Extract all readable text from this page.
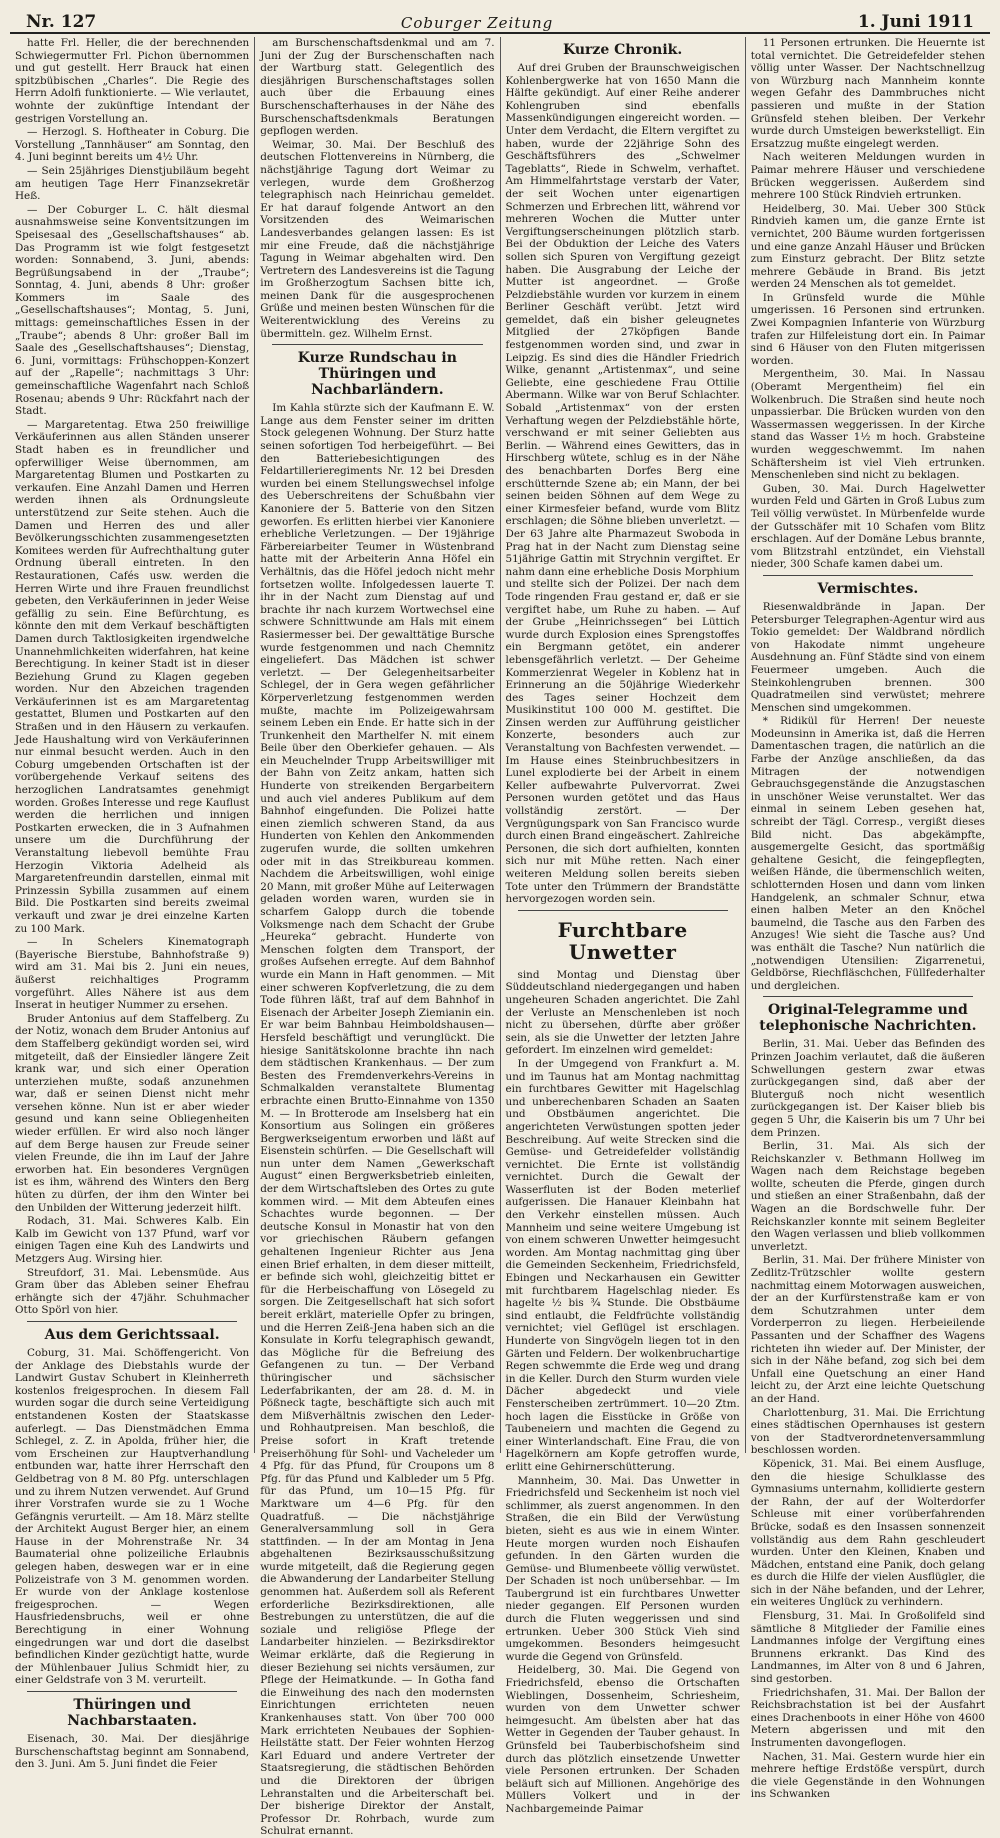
Nr. 127	Coburger Zeitung	1. Juni 1911

hatte Frl. Heller, die der berechnenden Schwiegermutter Frl. Pichon übernommen und gut gestellt. Herr Brauck hat einen spitzbübischen „Charles“. Die Regie des Herrn Adolfi funktionierte. — Wie verlautet, wohnte der zukünftige Intendant der gestrigen Vorstellung an.

— Herzogl. S. Hoftheater in Coburg. Die Vorstellung „Tannhäuser“ am Sonntag, den 4. Juni beginnt bereits um 4½ Uhr.

— Sein 25jähriges Dienstjubiläum begeht am heutigen Tage Herr Finanzsekretär Heß.

— Der Coburger L. C. hält diesmal ausnahmsweise seine Konventsitzungen im Speisesaal des „Gesellschaftshauses“ ab. Das Programm ist wie folgt festgesetzt worden: Sonnabend, 3. Juni, abends: Begrüßungsabend in der „Traube“; Sonntag, 4. Juni, abends 8 Uhr: großer Kommers im Saale des „Gesellschaftshauses“; Montag, 5. Juni, mittags: gemeinschaftliches Essen in der „Traube“; abends 8 Uhr: großer Ball im Saale des „Gesellschaftshauses“; Dienstag, 6. Juni, vormittags: Frühschoppen-Konzert auf der „Rapelle“; nachmittags 3 Uhr: gemeinschaftliche Wagenfahrt nach Schloß Rosenau; abends 9 Uhr: Rückfahrt nach der Stadt.

— Margaretentag. Etwa 250 freiwillige Verkäuferinnen aus allen Ständen unserer Stadt haben es in freundlicher und opferwilliger Weise übernommen, am Margaretentag Blumen und Postkarten zu verkaufen. Eine Anzahl Damen und Herren werden ihnen als Ordnungsleute unterstützend zur Seite stehen. Auch die Damen und Herren des und aller Bevölkerungsschichten zusammengesetzten Komitees werden für Aufrechthaltung guter Ordnung überall eintreten. In den Restaurationen, Cafés usw. werden die Herren Wirte und ihre Frauen freundlichst gebeten, den Verkäuferinnen in jeder Weise gefällig zu sein. Eine Befürchtung, es könnte den mit dem Verkauf beschäftigten Damen durch Taktlosigkeiten irgendwelche Unannehmlichkeiten widerfahren, hat keine Berechtigung. In keiner Stadt ist in dieser Beziehung Grund zu Klagen gegeben worden. Nur den Abzeichen tragenden Verkäuferinnen ist es am Margaretentag gestattet, Blumen und Postkarten auf den Straßen und in den Häusern zu verkaufen. Jede Haushaltung wird von Verkäuferinnen nur einmal besucht werden. Auch in den Coburg umgebenden Ortschaften ist der vorübergehende Verkauf seitens des herzoglichen Landratsamtes genehmigt worden. Großes Interesse und rege Kauflust werden die herrlichen und innigen Postkarten erwecken, die in 3 Aufnahmen unsere um die Durchführung der Veranstaltung liebevoll bemühte Frau Herzogin Viktoria Adelheid als Margaretenfreundin darstellen, einmal mit Prinzessin Sybilla zusammen auf einem Bild. Die Postkarten sind bereits zweimal verkauft und zwar je drei einzelne Karten zu 100 Mark.

— In Schelers Kinematograph (Bayerische Bierstube, Bahnhofstraße 9) wird am 31. Mai bis 2. Juni ein neues, äußerst reichhaltiges Programm vorgeführt. Alles Nähere ist aus dem Inserat in heutiger Nummer zu ersehen.

Bruder Antonius auf dem Staffelberg. Zu der Notiz, wonach dem Bruder Antonius auf dem Staffelberg gekündigt worden sei, wird mitgeteilt, daß der Einsiedler längere Zeit krank war, und sich einer Operation unterziehen mußte, sodaß anzunehmen war, daß er seinen Dienst nicht mehr versehen könne. Nun ist er aber wieder gesund und kann seine Obliegenheiten wieder erfüllen. Er wird also noch länger auf dem Berge hausen zur Freude seiner vielen Freunde, die ihn im Lauf der Jahre erworben hat. Ein besonderes Vergnügen ist es ihm, während des Winters den Berg hüten zu dürfen, der ihm den Winter bei den Unbilden der Witterung jederzeit hilft.

Rodach, 31. Mai. Schweres Kalb. Ein Kalb im Gewicht von 137 Pfund, warf vor einigen Tagen eine Kuh des Landwirts und Metzgers Aug. Wirsing hier.

Streufdorf, 31. Mai. Lebensmüde. Aus Gram über das Ableben seiner Ehefrau erhängte sich der 47jähr. Schuhmacher Otto Spörl von hier.

Aus dem Gerichtssaal.

Coburg, 31. Mai. Schöffengericht. Von der Anklage des Diebstahls wurde der Landwirt Gustav Schubert in Kleinherreth kostenlos freigesprochen. In diesem Fall wurden sogar die durch seine Verteidigung entstandenen Kosten der Staatskasse auferlegt. — Das Dienstmädchen Emma Schlegel, z. Z. in Apolda, früher hier, die vom Erscheinen zur Hauptverhandlung entbunden war, hatte ihrer Herrschaft den Geldbetrag von 8 M. 80 Pfg. unterschlagen und zu ihrem Nutzen verwendet. Auf Grund ihrer Vorstrafen wurde sie zu 1 Woche Gefängnis verurteilt. — Am 18. März stellte der Architekt August Berger hier, an einem Hause in der Mohrenstraße Nr. 34 Baumaterial ohne polizeiliche Erlaubnis gelegen haben, deswegen war er in eine Polizeistrafe von 3 M. genommen worden. Er wurde von der Anklage kostenlose freigesprochen. — Wegen Hausfriedensbruchs, weil er ohne Berechtigung in einer Wohnung eingedrungen war und dort die daselbst befindlichen Kinder gezüchtigt hatte, wurde der Mühlenbauer Julius Schmidt hier, zu einer Geldstrafe von 3 M. verurteilt.

Thüringen und Nachbarstaaten.

Eisenach, 30. Mai. Der diesjährige Burschenschaftstag beginnt am Sonnabend, den 3. Juni. Am 5. Juni findet die Feier

am Burschenschaftsdenkmal und am 7. Juni der Zug der Burschenschaften nach der Wartburg statt. Gelegentlich des diesjährigen Burschenschaftstages sollen auch über die Erbauung eines Burschenschafterhauses in der Nähe des Burschenschaftsdenkmals Beratungen gepflogen werden.

Weimar, 30. Mai. Der Beschluß des deutschen Flottenvereins in Nürnberg, die nächstjährige Tagung dort Weimar zu verlegen, wurde dem Großherzog telegraphisch nach Heinrichau gemeldet. Er hat darauf folgende Antwort an den Vorsitzenden des Weimarischen Landesverbandes gelangen lassen: Es ist mir eine Freude, daß die nächstjährige Tagung in Weimar abgehalten wird. Den Vertretern des Landesvereins ist die Tagung im Großherzogtum Sachsen bitte ich, meinen Dank für die ausgesprochenen Grüße und meinen besten Wünschen für die Weiterentwicklung des Vereins zu übermitteln. gez. Wilhelm Ernst.

Kurze Rundschau in Thüringen und Nachbarländern.

Im Kahla stürzte sich der Kaufmann E. W. Lange aus dem Fenster seiner im dritten Stock gelegenen Wohnung. Der Sturz hatte seinen sofortigen Tod herbeigeführt. — Bei den Batteriebesichtigungen des Feldartillerieregiments Nr. 12 bei Dresden wurden bei einem Stellungswechsel infolge des Ueberschreitens der Schußbahn vier Kanoniere der 5. Batterie von den Sitzen geworfen. Es erlitten hierbei vier Kanoniere erhebliche Verletzungen. — Der 19jährige Färbereiarbeiter Teumer in Wüstenbrand hatte mit der Arbeiterin Anna Höfel ein Verhältnis, das die Höfel jedoch nicht mehr fortsetzen wollte. Infolgedessen lauerte T. ihr in der Nacht zum Dienstag auf und brachte ihr nach kurzem Wortwechsel eine schwere Schnittwunde am Hals mit einem Rasiermesser bei. Der gewalttätige Bursche wurde festgenommen und nach Chemnitz eingeliefert. Das Mädchen ist schwer verletzt. — Der Gelegenheitsarbeiter Schlegel, der in Gera wegen gefährlicher Körperverletzung festgenommen werden mußte, machte im Polizeigewahrsam seinem Leben ein Ende. Er hatte sich in der Trunkenheit den Marthelfer N. mit einem Beile über den Oberkiefer gehauen. — Als ein Meuchelnder Trupp Arbeitswilliger mit der Bahn von Zeitz ankam, hatten sich Hunderte von streikenden Bergarbeitern und auch viel anderes Publikum auf dem Bahnhof eingefunden. Die Polizei hatte einen ziemlich schweren Stand, da aus Hunderten von Kehlen den Ankommenden zugerufen wurde, die sollten umkehren oder mit in das Streikbureau kommen. Nachdem die Arbeitswilligen, wohl einige 20 Mann, mit großer Mühe auf Leiterwagen geladen worden waren, wurden sie in scharfem Galopp durch die tobende Volksmenge nach dem Schacht der Grube „Heureka“ gebracht. Hunderte von Menschen folgten dem Transport, der großes Aufsehen erregte. Auf dem Bahnhof wurde ein Mann in Haft genommen. — Mit einer schweren Kopfverletzung, die zu dem Tode führen läßt, traf auf dem Bahnhof in Eisenach der Arbeiter Joseph Ziemianin ein. Er war beim Bahnbau Heimboldshausen—Hersfeld beschäftigt und verunglückt. Die hiesige Sanitätskolonne brachte ihn nach dem städtischen Krankenhaus. — Der zum Besten des Fremdenverkehrs-Vereins in Schmalkalden veranstaltete Blumentag erbrachte einen Brutto-Einnahme von 1350 M. — In Brotterode am Inselsberg hat ein Konsortium aus Solingen ein größeres Bergwerkseigentum erworben und läßt auf Eisenstein schürfen. — Die Gesellschaft will nun unter dem Namen „Gewerkschaft August“ einen Bergwerksbetrieb einleiten, der dem Wirtschaftsleben des Ortes zu gute kommen wird. — Mit dem Abteufen eines Schachtes wurde begonnen. — Der deutsche Konsul in Monastir hat von den vor griechischen Räubern gefangen gehaltenen Ingenieur Richter aus Jena einen Brief erhalten, in dem dieser mitteilt, er befinde sich wohl, gleichzeitig bittet er für die Herbeischaffung von Lösegeld zu sorgen. Die Zeitgesellschaft hat sich sofort bereit erklärt, materielle Opfer zu bringen, und die Herren Zeiß-Jena haben sich an die Konsulate in Korfu telegraphisch gewandt, das Mögliche für die Befreiung des Gefangenen zu tun. — Der Verband thüringischer und sächsischer Lederfabrikanten, der am 28. d. M. in Pößneck tagte, beschäftigte sich auch mit dem Mißverhältnis zwischen den Leder- und Rohhautpreisen. Man beschloß, die Preise sofort in Kraft tretende Preiserhöhung für Sohl- und Vacheleder um 4 Pfg. für das Pfund, für Croupons um 8 Pfg. für das Pfund und Kalbleder um 5 Pfg. für das Pfund, um 10—15 Pfg. für Marktware um 4—6 Pfg. für den Quadratfuß. — Die nächstjährige Generalversammlung soll in Gera stattfinden. — In der am Montag in Jena abgehaltenen Bezirksausschußsitzung wurde mitgeteilt, daß die Regierung gegen die Abwanderung der Landarbeiter Stellung genommen hat. Außerdem soll als Referent erforderliche Bezirksdirektionen, alle Bestrebungen zu unterstützen, die auf die soziale und religiöse Pflege der Landarbeiter hinzielen. — Bezirksdirektor Weimar erklärte, daß die Regierung in dieser Beziehung sei nichts versäumen, zur Pflege der Heimatkunde. — In Gotha fand die Einweihung des nach den modernsten Einrichtungen errichteten neuen Krankenhauses statt. Von über 700 000 Mark errichteten Neubaues der Sophien-Heilstätte statt. Der Feier wohnten Herzog Karl Eduard und andere Vertreter der Staatsregierung, die städtischen Behörden und die Direktoren der übrigen Lehranstalten und die Arbeiterschaft bei. Der bisherige Direktor der Anstalt, Professor Dr. Rohrbach, wurde zum Schulrat ernannt.

Kurze Chronik.

Auf drei Gruben der Braunschweigischen Kohlenbergwerke hat von 1650 Mann die Hälfte gekündigt. Auf einer Reihe anderer Kohlengruben sind ebenfalls Massenkündigungen eingereicht worden. — Unter dem Verdacht, die Eltern vergiftet zu haben, wurde der 22jährige Sohn des Geschäftsführers des „Schwelmer Tageblatts“, Riede in Schwelm, verhaftet. Am Himmelfahrtstage verstarb der Vater, der seit Wochen unter eigenartigen Schmerzen und Erbrechen litt, während vor mehreren Wochen die Mutter unter Vergiftungserscheinungen plötzlich starb. Bei der Obduktion der Leiche des Vaters sollen sich Spuren von Vergiftung gezeigt haben. Die Ausgrabung der Leiche der Mutter ist angeordnet. — Große Pelzdiebstähle wurden vor kurzem in einem Berliner Geschäft verübt. Jetzt wird gemeldet, daß ein bisher geleugnetes Mitglied der 27köpfigen Bande festgenommen worden sind, und zwar in Leipzig. Es sind dies die Händler Friedrich Wilke, genannt „Artistenmax“, und seine Geliebte, eine geschiedene Frau Ottilie Abermann. Wilke war von Beruf Schlachter. Sobald „Artistenmax“ von der ersten Verhaftung wegen der Pelzdiebstähle hörte, verschwand er mit seiner Geliebten aus Berlin. — Während eines Gewitters, das in Hirschberg wütete, schlug es in der Nähe des benachbarten Dorfes Berg eine erschütternde Szene ab; ein Mann, der bei seinen beiden Söhnen auf dem Wege zu einer Kirmesfeier befand, wurde vom Blitz erschlagen; die Söhne blieben unverletzt. — Der 63 Jahre alte Pharmazeut Swoboda in Prag hat in der Nacht zum Dienstag seine 51jährige Gattin mit Strychnin vergiftet. Er nahm dann eine erhebliche Dosis Morphium und stellte sich der Polizei. Der nach dem Tode ringenden Frau gestand er, daß er sie vergiftet habe, um Ruhe zu haben. — Auf der Grube „Heinrichssegen“ bei Lüttich wurde durch Explosion eines Sprengstoffes ein Bergmann getötet, ein anderer lebensgefährlich verletzt. — Der Geheime Kommerzienrat Wegeler in Koblenz hat in Erinnerung an die 50jährige Wiederkehr des Tages seiner Hochzeit dem Musikinstitut 100 000 M. gestiftet. Die Zinsen werden zur Aufführung geistlicher Konzerte, besonders auch zur Veranstaltung von Bachfesten verwendet. — Im Hause eines Steinbruchbesitzers in Lunel explodierte bei der Arbeit in einem Keller aufbewahrte Pulvervorrat. Zwei Personen wurden getötet und das Haus vollständig zerstört. — Der Vergnügungspark von San Francisco wurde durch einen Brand eingeäschert. Zahlreiche Personen, die sich dort aufhielten, konnten sich nur mit Mühe retten. Nach einer weiteren Meldung sollen bereits sieben Tote unter den Trümmern der Brandstätte hervorgezogen worden sein.

Furchtbare Unwetter

sind Montag und Dienstag über Süddeutschland niedergegangen und haben ungeheuren Schaden angerichtet. Die Zahl der Verluste an Menschenleben ist noch nicht zu übersehen, dürfte aber größer sein, als sie die Unwetter der letzten Jahre gefordert. Im einzelnen wird gemeldet:

In der Umgegend von Frankfurt a. M. und im Taunus hat am Montag nachmittag ein furchtbares Gewitter mit Hagelschlag und unberechenbaren Schaden an Saaten und Obstbäumen angerichtet. Die angerichteten Verwüstungen spotten jeder Beschreibung. Auf weite Strecken sind die Gemüse- und Getreidefelder vollständig vernichtet. Die Ernte ist vollständig vernichtet. Durch die Gewalt der Wasserfluten ist der Boden meterlief aufgerissen. Die Hanauer Kleinbahn hat den Verkehr einstellen müssen. Auch Mannheim und seine weitere Umgebung ist von einem schweren Unwetter heimgesucht worden. Am Montag nachmittag ging über die Gemeinden Seckenheim, Friedrichsfeld, Ebingen und Neckarhausen ein Gewitter mit furchtbarem Hagelschlag nieder. Es hagelte ½ bis ¾ Stunde. Die Obstbäume sind entlaubt, die Feldfrüchte vollständig vernichtet; viel Geflügel ist erschlagen. Hunderte von Singvögeln liegen tot in den Gärten und Feldern. Der wolkenbruchartige Regen schwemmte die Erde weg und drang in die Keller. Durch den Sturm wurden viele Dächer abgedeckt und viele Fensterscheiben zertrümmert. 10—20 Ztm. hoch lagen die Eisstücke in Größe von Taubeneiern und machten die Gegend zu einer Winterlandschaft. Eine Frau, die von Hagelkörnern am Kopfe getroffen wurde, erlitt eine Gehirnerschütterung.

Mannheim, 30. Mai. Das Unwetter in Friedrichsfeld und Seckenheim ist noch viel schlimmer, als zuerst angenommen. In den Straßen, die ein Bild der Verwüstung bieten, sieht es aus wie in einem Winter. Heute morgen wurden noch Eishaufen gefunden. In den Gärten wurden die Gemüse- und Blumenbeete völlig verwüstet. Der Schaden ist noch unübersehbar. — Im Taubergrund ist ein furchtbares Unwetter nieder gegangen. Elf Personen wurden durch die Fluten weggerissen und sind ertrunken. Ueber 300 Stück Vieh sind umgekommen. Besonders heimgesucht wurde die Gegend von Grünsfeld.

Heidelberg, 30. Mai. Die Gegend von Friedrichsfeld, ebenso die Ortschaften Wieblingen, Dossenheim, Schriesheim, wurden von dem Unwetter schwer heimgesucht. Am übelsten aber hat das Wetter in Gegenden der Tauber gehaust. In Grünsfeld bei Tauberbischofsheim sind durch das plötzlich einsetzende Unwetter viele Personen ertrunken. Der Schaden beläuft sich auf Millionen. Angehörige des Müllers Volkert und in der Nachbargemeinde Paimar

11 Personen ertrunken. Die Heuernte ist total vernichtet. Die Getreidefelder stehen völlig unter Wasser. Der Nachtschnellzug von Würzburg nach Mannheim konnte wegen Gefahr des Dammbruches nicht passieren und mußte in der Station Grünsfeld stehen bleiben. Der Verkehr wurde durch Umsteigen bewerkstelligt. Ein Ersatzzug mußte eingelegt werden.

Nach weiteren Meldungen wurden in Paimar mehrere Häuser und verschiedene Brücken weggerissen. Außerdem sind mehrere 100 Stück Rindvieh ertrunken.

Heidelberg, 30. Mai. Ueber 300 Stück Rindvieh kamen um, die ganze Ernte ist vernichtet, 200 Bäume wurden fortgerissen und eine ganze Anzahl Häuser und Brücken zum Einsturz gebracht. Der Blitz setzte mehrere Gebäude in Brand. Bis jetzt werden 24 Menschen als tot gemeldet.

In Grünsfeld wurde die Mühle umgerissen. 16 Personen sind ertrunken. Zwei Kompagnien Infanterie von Würzburg trafen zur Hilfeleistung dort ein. In Paimar sind 6 Häuser von den Fluten mitgerissen worden.

Mergentheim, 30. Mai. In Nassau (Oberamt Mergentheim) fiel ein Wolkenbruch. Die Straßen sind heute noch unpassierbar. Die Brücken wurden von den Wassermassen weggerissen. In der Kirche stand das Wasser 1½ m hoch. Grabsteine wurden weggeschwemmt. Im nahen Schäftersheim ist viel Vieh ertrunken. Menschenleben sind nicht zu beklagen.

Guben, 30. Mai. Durch Hagelwetter wurden Feld und Gärten in Groß Lubus zum Teil völlig verwüstet. In Mürbenfelde wurde der Gutsschäfer mit 10 Schafen vom Blitz erschlagen. Auf der Domäne Lebus brannte, vom Blitzstrahl entzündet, ein Viehstall nieder, 300 Schafe kamen dabei um.

Vermischtes.

Riesenwaldbrände in Japan. Der Petersburger Telegraphen-Agentur wird aus Tokio gemeldet: Der Waldbrand nördlich von Hakodate nimmt ungeheure Ausdehnung an. Fünf Städte sind von einem Feuermeer umgeben. Auch die Steinkohlengruben brennen. 300 Quadratmeilen sind verwüstet; mehrere Menschen sind umgekommen.

* Ridikül für Herren! Der neueste Modeunsinn in Amerika ist, daß die Herren Damentaschen tragen, die natürlich an die Farbe der Anzüge anschließen, da das Mitragen der notwendigen Gebrauchsgegenstände die Anzugstaschen in unschöner Weise verunstaltet. Wer das einmal in seinem Leben gesehen hat, schreibt der Tägl. Corresp., vergißt dieses Bild nicht. Das abgekämpfte, ausgemergelte Gesicht, das sportmäßig gehaltene Gesicht, die feingepflegten, weißen Hände, die übermenschlich weiten, schlotternden Hosen und dann vom linken Handgelenk, an schmaler Schnur, etwa einen halben Meter an den Knöchel baumelnd, die Tasche aus den Farben des Anzuges! Wie sieht die Tasche aus? Und was enthält die Tasche? Nun natürlich die „notwendigen Utensilien: Zigarrenetui, Geldbörse, Riechfläschchen, Füllfederhalter und dergleichen.

Original-Telegramme und telephonische Nachrichten.

Berlin, 31. Mai. Ueber das Befinden des Prinzen Joachim verlautet, daß die äußeren Schwellungen gestern zwar etwas zurückgegangen sind, daß aber der Bluterguß noch nicht wesentlich zurückgegangen ist. Der Kaiser blieb bis gegen 5 Uhr, die Kaiserin bis um 7 Uhr bei dem Prinzen.

Berlin, 31. Mai. Als sich der Reichskanzler v. Bethmann Hollweg im Wagen nach dem Reichstage begeben wollte, scheuten die Pferde, gingen durch und stießen an einer Straßenbahn, daß der Wagen an die Bordschwelle fuhr. Der Reichskanzler konnte mit seinem Begleiter den Wagen verlassen und blieb vollkommen unverletzt.

Berlin, 31. Mai. Der frühere Minister von Zedlitz-Trützschler wollte gestern nachmittag einem Motorwagen ausweichen, der an der Kurfürstenstraße kam er von dem Schutzrahmen unter dem Vorderperron zu liegen. Herbeieilende Passanten und der Schaffner des Wagens richteten ihn wieder auf. Der Minister, der sich in der Nähe befand, zog sich bei dem Unfall eine Quetschung an einer Hand leicht zu, der Arzt eine leichte Quetschung an der Hand.

Charlottenburg, 31. Mai. Die Errichtung eines städtischen Opernhauses ist gestern von der Stadtverordnetenversammlung beschlossen worden.

Köpenick, 31. Mai. Bei einem Ausfluge, den die hiesige Schulklasse des Gymnasiums unternahm, kollidierte gestern der Rahn, der auf der Wolterdorfer Schleuse mit einer vorüberfahrenden Brücke, sodaß es den Insassen sonnenzeit vollständig aus dem Rahn geschleudert wurden. Unter den Kleinen, Knaben und Mädchen, entstand eine Panik, doch gelang es durch die Hilfe der vielen Ausflügler, die sich in der Nähe befanden, und der Lehrer, ein weiteres Unglück zu verhindern.

Flensburg, 31. Mai. In Großolifeld sind sämtliche 8 Mitglieder der Familie eines Landmannes infolge der Vergiftung eines Brunnens erkrankt. Das Kind des Landmannes, im Alter von 8 und 6 Jahren, sind gestorben.

Friedrichshafen, 31. Mai. Der Ballon der Reichsbrachstation ist bei der Ausfahrt eines Drachenboots in einer Höhe von 4600 Metern abgerissen und mit den Instrumenten davongeflogen.

Nachen, 31. Mai. Gestern wurde hier ein mehrere heftige Erdstöße verspürt, durch die viele Gegenstände in den Wohnungen ins Schwanken
